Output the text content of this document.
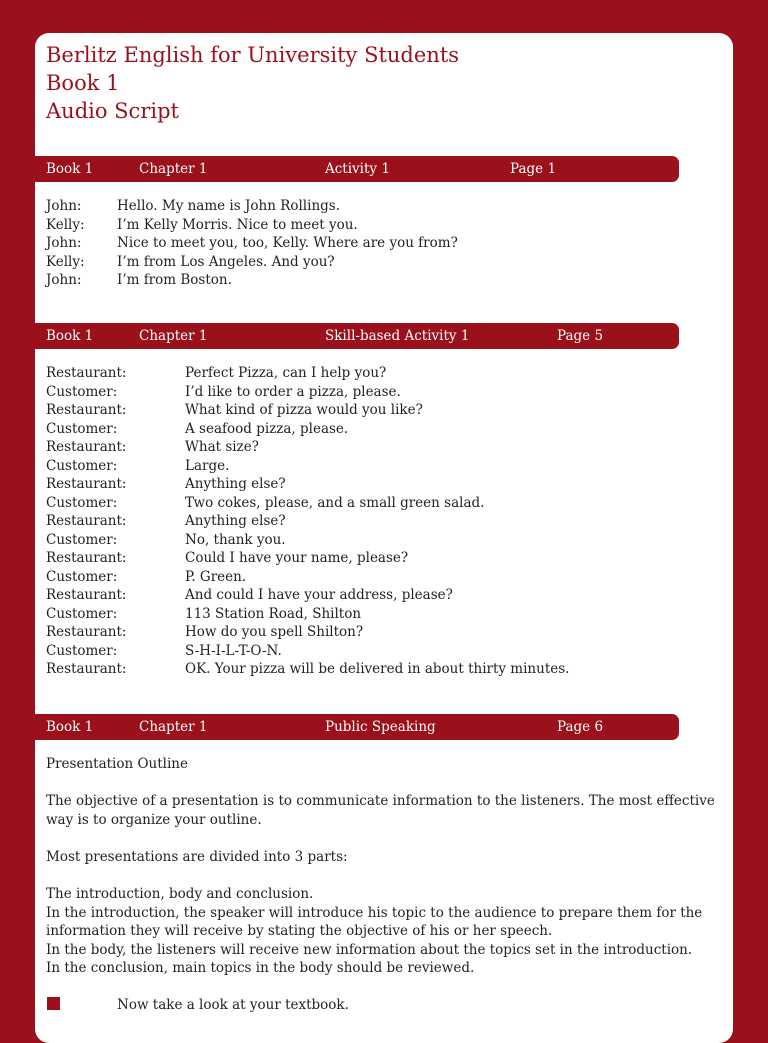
Berlitz English for University Students
Book 1
Audio Script
Book 1	Chapter 1	Activity 1	Page 1
John:	Hello. My name is John Rollings.
Kelly: I’m Kelly Morris. Nice to meet you.
John:	Nice to meet you, too, Kelly. Where are you from?
Kelly: I’m from Los Angeles. And you?
John:	I’m from Boston.
Book 1	Chapter 1	Skill-based Activity 1	Page 5
Restaurant:	Perfect Pizza, can I help you?
Customer:	I’d like to order a pizza, please.
Restaurant:	What kind of pizza would you like?
Customer:	A seafood pizza, please.
Restaurant:	What size?
Customer:	Large.
Restaurant:	Anything else?
Customer:	Two cokes, please, and a small green salad.
Restaurant:	Anything else?
Customer:	No, thank you.
Restaurant:	Could I have your name, please?
Customer:	P. Green.
Restaurant:	And could I have your address, please?
Customer:	113 Station Road, Shilton
Restaurant:	How do you spell Shilton?
Customer:	S-H-I-L-T-O-N.
Restaurant:	OK. Your pizza will be delivered in about thirty minutes.
Book 1	Chapter 1	Public Speaking	Page 6

Presentation Outline

The objective of a presentation is to communicate information to the listeners. The most effective way is to organize your outline.

Most presentations are divided into 3 parts:

The introduction, body and conclusion.
In the introduction, the speaker will introduce his topic to the audience to prepare them for the information they will receive by stating the objective of his or her speech.
In the body, the listeners will receive new information about the topics set in the introduction.
In the conclusion, main topics in the body should be reviewed.
Now take a look at your textbook.
